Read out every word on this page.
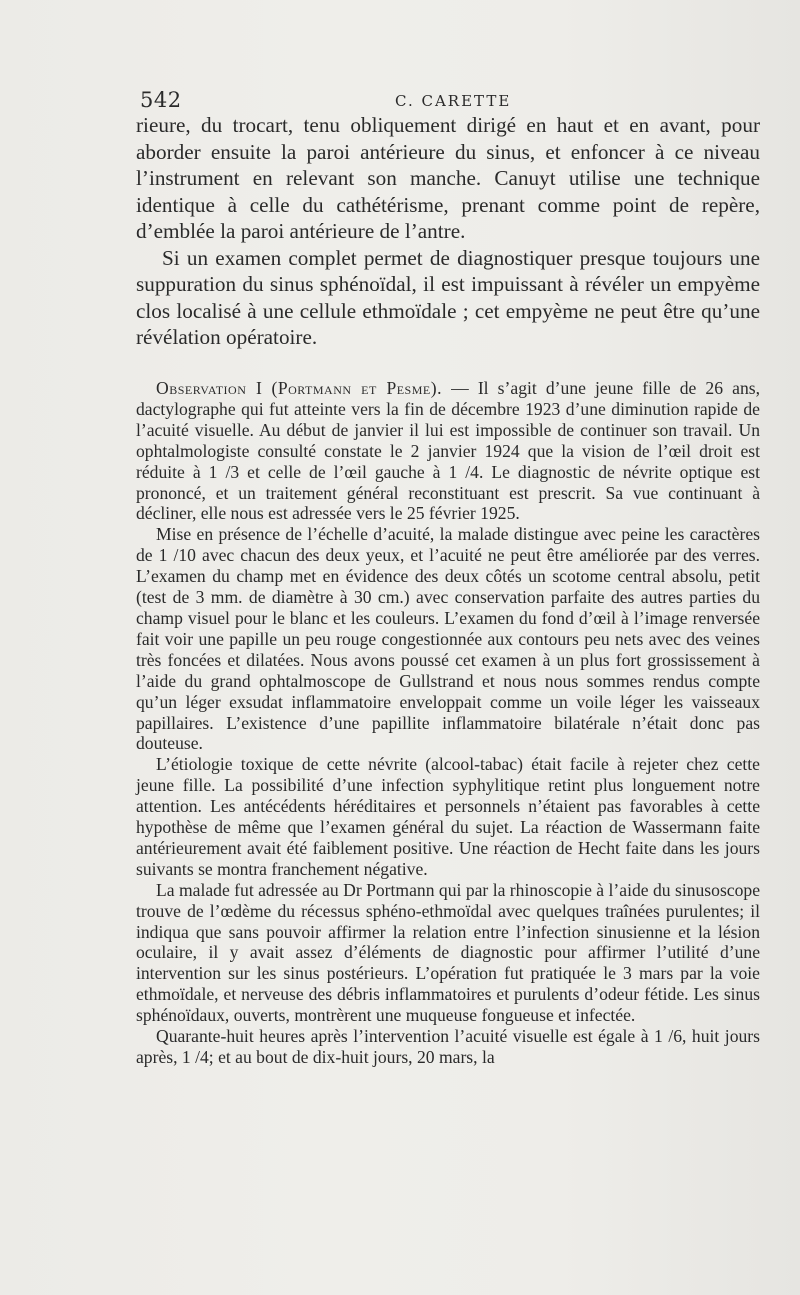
542	C. CARETTE

rieure, du trocart, tenu obliquement dirigé en haut et en avant, pour aborder ensuite la paroi antérieure du sinus, et enfoncer à ce niveau l’instrument en relevant son manche. Canuyt utilise une technique identique à celle du cathétérisme, prenant comme point de repère, d’emblée la paroi antérieure de l’antre.

Si un examen complet permet de diagnostiquer presque toujours une suppuration du sinus sphénoïdal, il est impuissant à révéler un empyème clos localisé à une cellule ethmoïdale ; cet empyème ne peut être qu’une révélation opératoire.

Observation I (Portmann et Pesme). — Il s’agit d’une jeune fille de 26 ans, dactylographe qui fut atteinte vers la fin de décembre 1923 d’une diminution rapide de l’acuité visuelle. Au début de janvier il lui est impossible de continuer son travail. Un ophtalmologiste consulté constate le 2 janvier 1924 que la vision de l’œil droit est réduite à 1 /3 et celle de l’œil gauche à 1 /4. Le diagnostic de névrite optique est prononcé, et un traitement général reconstituant est prescrit. Sa vue continuant à décliner, elle nous est adressée vers le 25 février 1925.

Mise en présence de l’échelle d’acuité, la malade distingue avec peine les caractères de 1 /10 avec chacun des deux yeux, et l’acuité ne peut être améliorée par des verres. L’examen du champ met en évidence des deux côtés un scotome central absolu, petit (test de 3 mm. de diamètre à 30 cm.) avec conservation parfaite des autres parties du champ visuel pour le blanc et les couleurs. L’examen du fond d’œil à l’image renversée fait voir une papille un peu rouge congestionnée aux contours peu nets avec des veines très foncées et dilatées. Nous avons poussé cet examen à un plus fort grossissement à l’aide du grand ophtalmoscope de Gullstrand et nous nous sommes rendus compte qu’un léger exsudat inflammatoire enveloppait comme un voile léger les vaisseaux papillaires. L’existence d’une papillite inflammatoire bilatérale n’était donc pas douteuse.

L’étiologie toxique de cette névrite (alcool-tabac) était facile à rejeter chez cette jeune fille. La possibilité d’une infection syphylitique retint plus longuement notre attention. Les antécédents héréditaires et personnels n’étaient pas favorables à cette hypothèse de même que l’examen général du sujet. La réaction de Wassermann faite antérieurement avait été faiblement positive. Une réaction de Hecht faite dans les jours suivants se montra franchement négative.

La malade fut adressée au Dr Portmann qui par la rhinoscopie à l’aide du sinusoscope trouve de l’œdème du récessus sphéno-ethmoïdal avec quelques traînées purulentes; il indiqua que sans pouvoir affirmer la relation entre l’infection sinusienne et la lésion oculaire, il y avait assez d’éléments de diagnostic pour affirmer l’utilité d’une intervention sur les sinus postérieurs. L’opération fut pratiquée le 3 mars par la voie ethmoïdale, et nerveuse des débris inflammatoires et purulents d’odeur fétide. Les sinus sphénoïdaux, ouverts, montrèrent une muqueuse fongueuse et infectée.

Quarante-huit heures après l’intervention l’acuité visuelle est égale à 1 /6, huit jours après, 1 /4; et au bout de dix-huit jours, 20 mars, la
